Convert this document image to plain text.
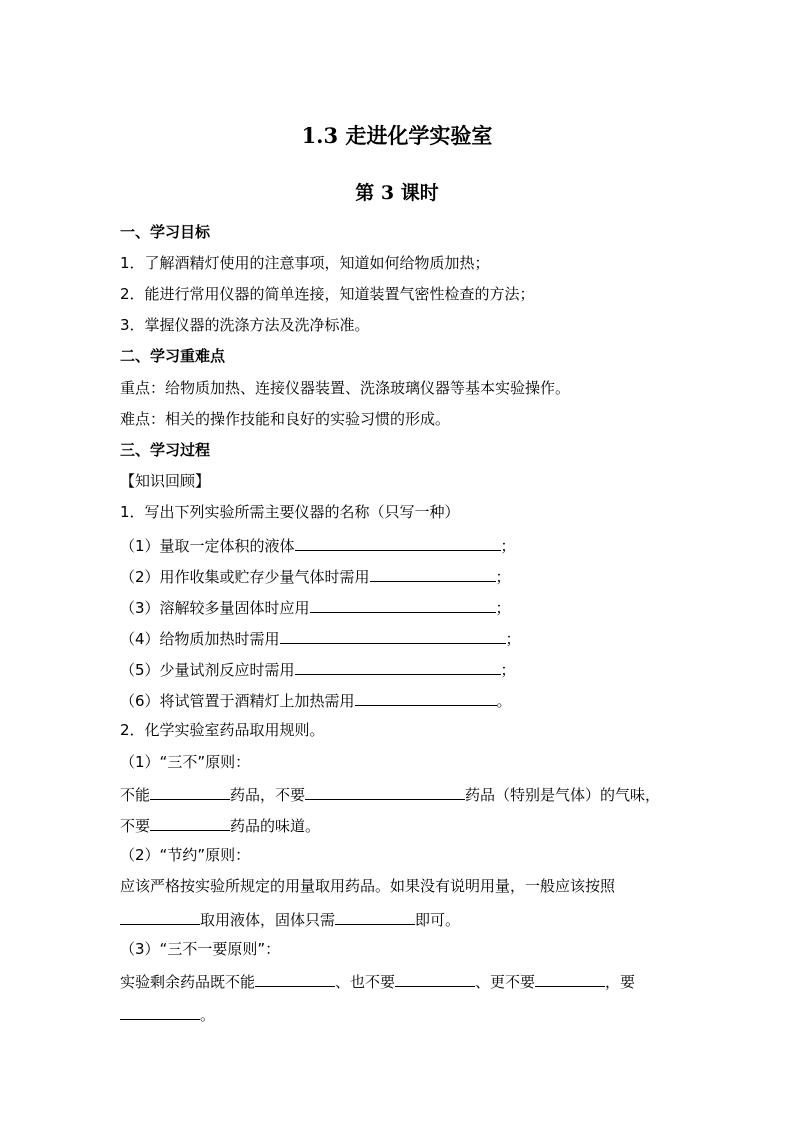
1.3 走进化学实验室
第 3 课时
一、学习目标
1．了解酒精灯使用的注意事项，知道如何给物质加热；
2．能进行常用仪器的简单连接，知道装置气密性检查的方法；
3．掌握仪器的洗涤方法及洗净标准。
二、学习重难点
重点：给物质加热、连接仪器装置、洗涤玻璃仪器等基本实验操作。
难点：相关的操作技能和良好的实验习惯的形成。
三、学习过程
【知识回顾】
1．写出下列实验所需主要仪器的名称（只写一种）
（1）量取一定体积的液体	；
（2）用作收集或贮存少量气体时需用	；
（3）溶解较多量固体时应用	；
（4）给物质加热时需用	；
（5）少量试剂反应时需用	；
（6）将试管置于酒精灯上加热需用	。
2．化学实验室药品取用规则。
（1）“三不”原则：
不能	药品，不要	药品（特别是气体）的气味，
不要	药品的味道。
（2）“节约”原则：
应该严格按实验所规定的用量取用药品。如果没有说明用量，一般应该按照
取用液体，固体只需	即可。
（3）“三不一要原则”：
实验剩余药品既不能	、也不要	、更不要	，要
。
